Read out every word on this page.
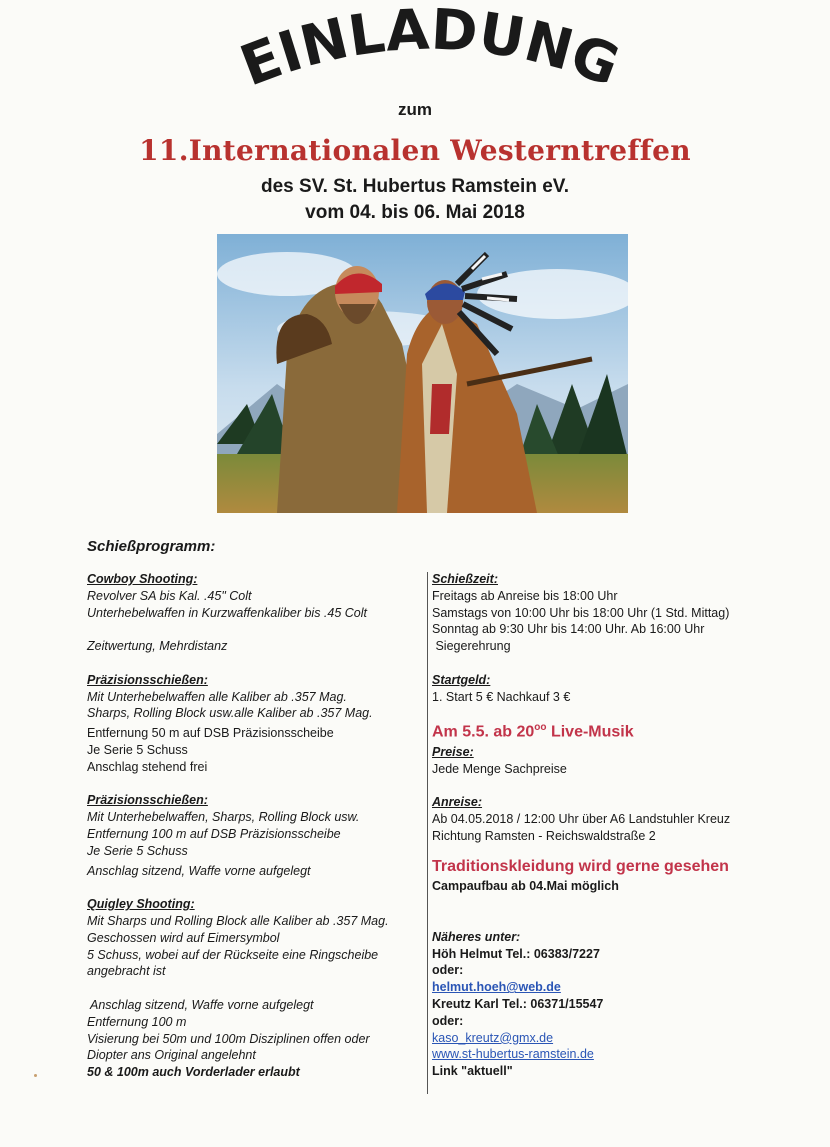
EINLADUNG
zum
11.Internationalen Westerntreffen
des SV. St. Hubertus Ramstein eV.
vom 04. bis 06. Mai 2018
Schießprogramm:
Cowboy Shooting:
Revolver SA bis Kal. .45" Colt
Unterhebelwaffen in Kurzwaffenkaliber bis .45 Colt
Zeitwertung, Mehrdistanz
Präzisionsschießen:
Mit Unterhebelwaffen alle Kaliber ab .357 Mag.
Sharps, Rolling Block usw.alle Kaliber ab .357 Mag.
Entfernung 50 m auf DSB Präzisionsscheibe
Je Serie 5 Schuss
Anschlag stehend frei
Präzisionsschießen:
Mit Unterhebelwaffen, Sharps, Rolling Block usw.
Entfernung 100 m auf DSB Präzisionsscheibe
Je Serie 5 Schuss
Anschlag sitzend, Waffe vorne aufgelegt
Quigley Shooting:
Mit Sharps und Rolling Block alle Kaliber ab .357 Mag.
Geschossen wird auf Eimersymbol
5 Schuss, wobei auf der Rückseite eine Ringscheibe
angebracht ist
Anschlag sitzend, Waffe vorne aufgelegt
Entfernung 100 m
Visierung bei 50m und 100m Disziplinen offen oder
Diopter ans Original angelehnt
50 & 100m auch Vorderlader erlaubt
Schießzeit:
Freitags ab Anreise bis 18:00 Uhr
Samstags von 10:00 Uhr bis 18:00 Uhr (1 Std. Mittag)
Sonntag ab 9:30 Uhr bis 14:00 Uhr. Ab 16:00 Uhr
Siegerehrung
Startgeld:
1. Start 5 € Nachkauf 3 €
Am 5.5. ab $20^{oo}$ Live-Musik
Preise:
Jede Menge Sachpreise
Anreise:
Ab 04.05.2018 / 12:00 Uhr über A6 Landstuhler Kreuz
Richtung Ramsten - Reichswaldstraße 2
Traditionskleidung wird gerne gesehen
Campaufbau ab 04.Mai möglich
Näheres unter:
Höh Helmut Tel.: 06383/7227
oder:
helmut.hoeh@web.de
Kreutz Karl Tel.: 06371/15547
oder:
kaso_kreutz@gmx.de
www.st-hubertus-ramstein.de
Link "aktuell"
